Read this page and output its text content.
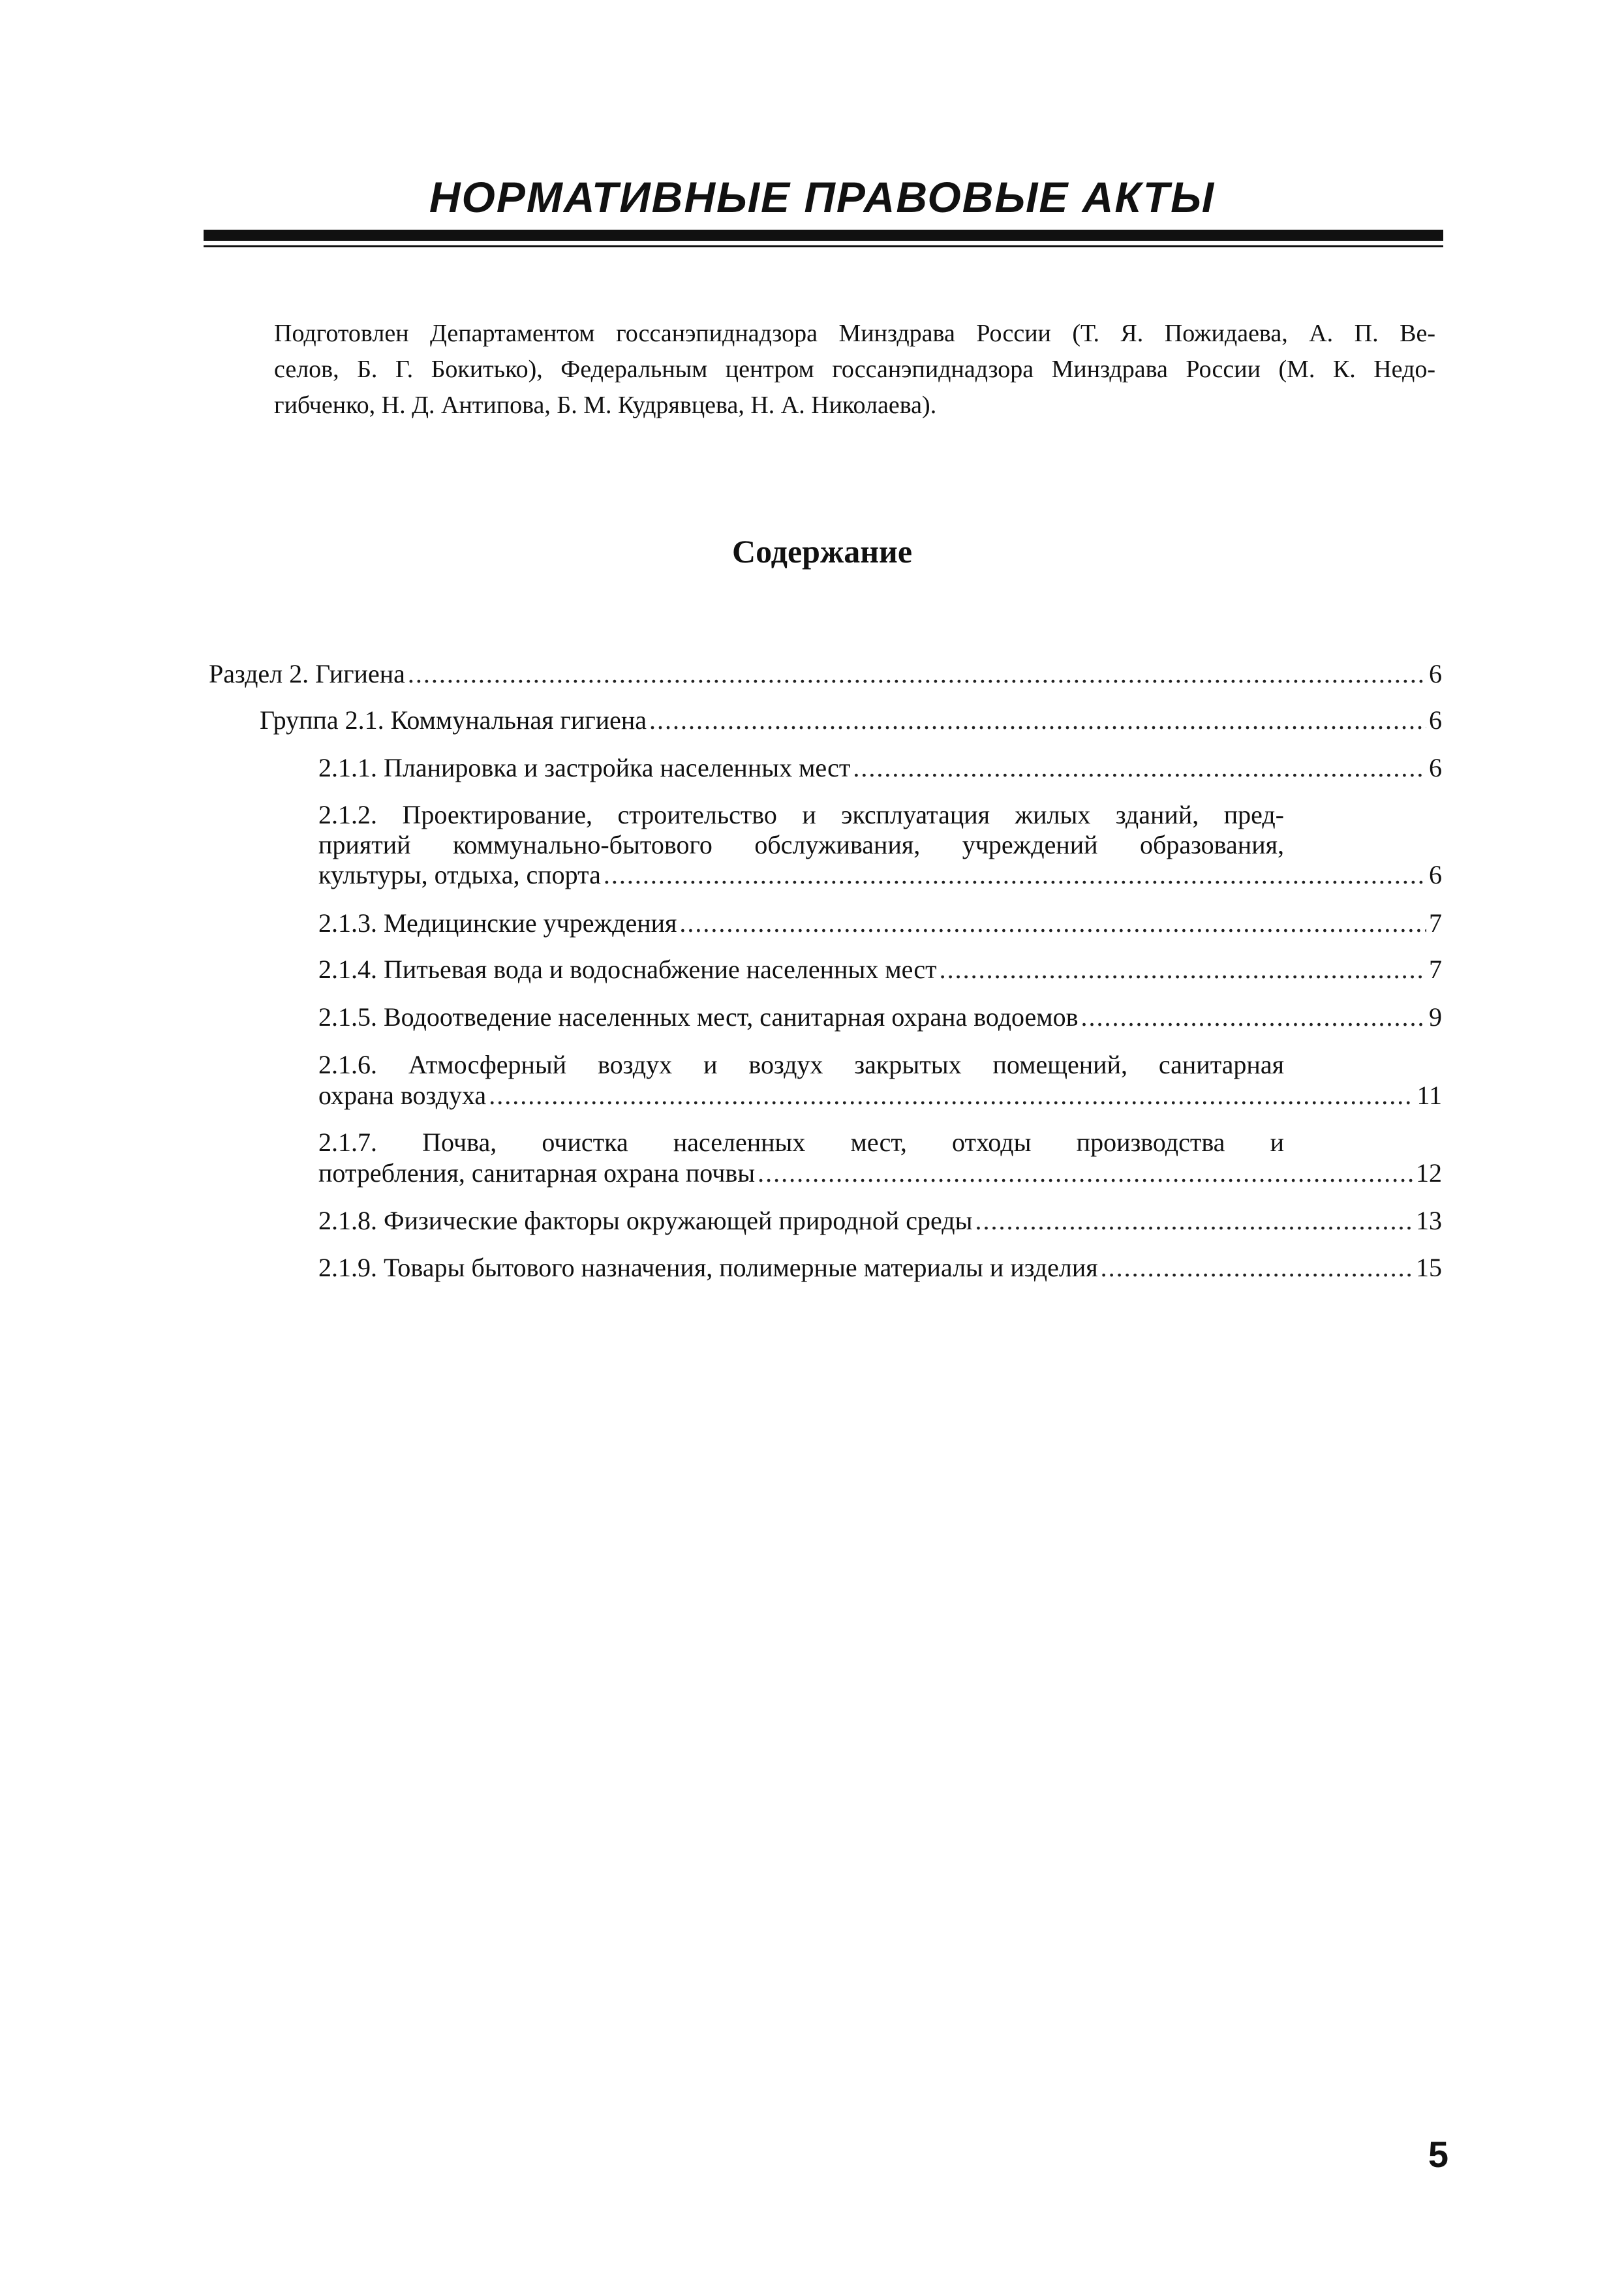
НОРМАТИВНЫЕ ПРАВОВЫЕ АКТЫ
Подготовлен Департаментом госсанэпиднадзора Минздрава России (Т. Я. Пожидаева, А. П. Ве-
селов, Б. Г. Бокитько), Федеральным центром госсанэпиднадзора Минздрава России (М. К. Недо-
гибченко, Н. Д. Антипова, Б. М. Кудрявцева, Н. А. Николаева).
Содержание
Раздел 2. Гигиена .....	6
Группа 2.1. Коммунальная гигиена .....	6
2.1.1. Планировка и застройка населенных мест .....	6
2.1.2. Проектирование, строительство и эксплуатация жилых зданий, пред-
приятий коммунально-бытового обслуживания, учреждений образования,
культуры, отдыха, спорта .....	6
2.1.3. Медицинские учреждения .....	7
2.1.4. Питьевая вода и водоснабжение населенных мест .....	7
2.1.5. Водоотведение населенных мест, санитарная охрана водоемов .....	9
2.1.6. Атмосферный воздух и воздух закрытых помещений, санитарная
охрана воздуха .....	11
2.1.7. Почва, очистка населенных мест, отходы производства и
потребления, санитарная охрана почвы .....	12
2.1.8. Физические факторы окружающей природной среды .....	13
2.1.9. Товары бытового назначения, полимерные материалы и изделия .....	15
5
